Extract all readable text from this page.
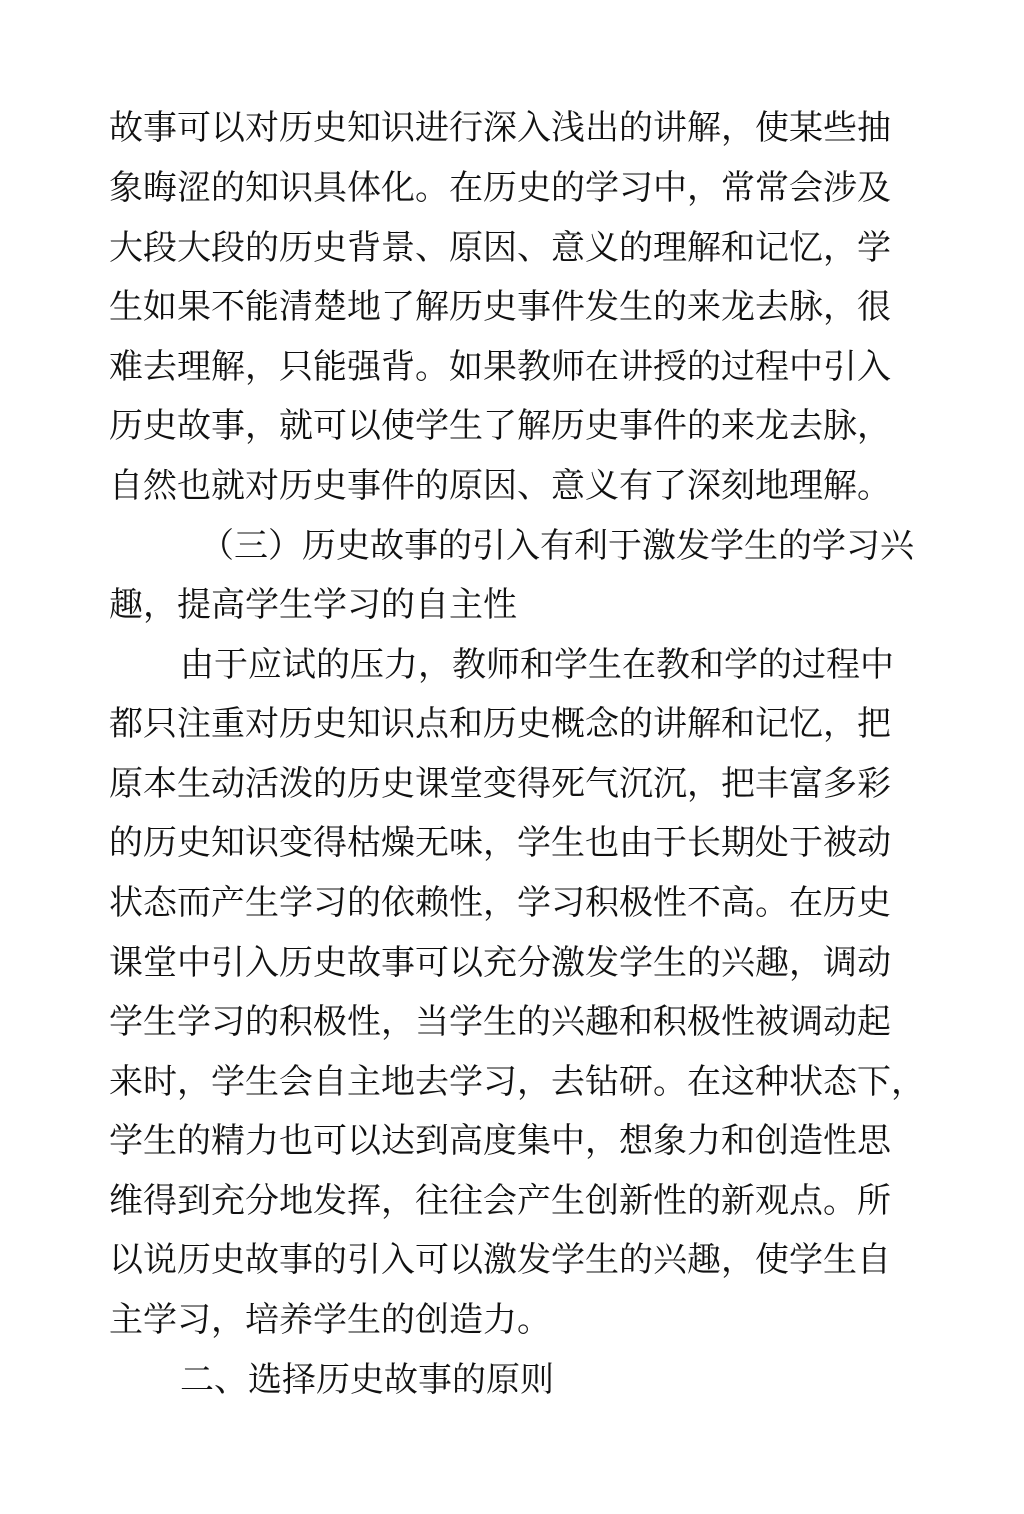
故事可以对历史知识进行深入浅出的讲解，使某些抽
象晦涩的知识具体化。在历史的学习中，常常会涉及
大段大段的历史背景、原因、意义的理解和记忆，学
生如果不能清楚地了解历史事件发生的来龙去脉，很
难去理解，只能强背。如果教师在讲授的过程中引入
历史故事，就可以使学生了解历史事件的来龙去脉，
自然也就对历史事件的原因、意义有了深刻地理解。
（三）历史故事的引入有利于激发学生的学习兴
趣，提高学生学习的自主性
由于应试的压力，教师和学生在教和学的过程中
都只注重对历史知识点和历史概念的讲解和记忆，把
原本生动活泼的历史课堂变得死气沉沉，把丰富多彩
的历史知识变得枯燥无味，学生也由于长期处于被动
状态而产生学习的依赖性，学习积极性不高。在历史
课堂中引入历史故事可以充分激发学生的兴趣，调动
学生学习的积极性，当学生的兴趣和积极性被调动起
来时，学生会自主地去学习，去钻研。在这种状态下，
学生的精力也可以达到高度集中，想象力和创造性思
维得到充分地发挥，往往会产生创新性的新观点。所
以说历史故事的引入可以激发学生的兴趣，使学生自
主学习，培养学生的创造力。
二、选择历史故事的原则
